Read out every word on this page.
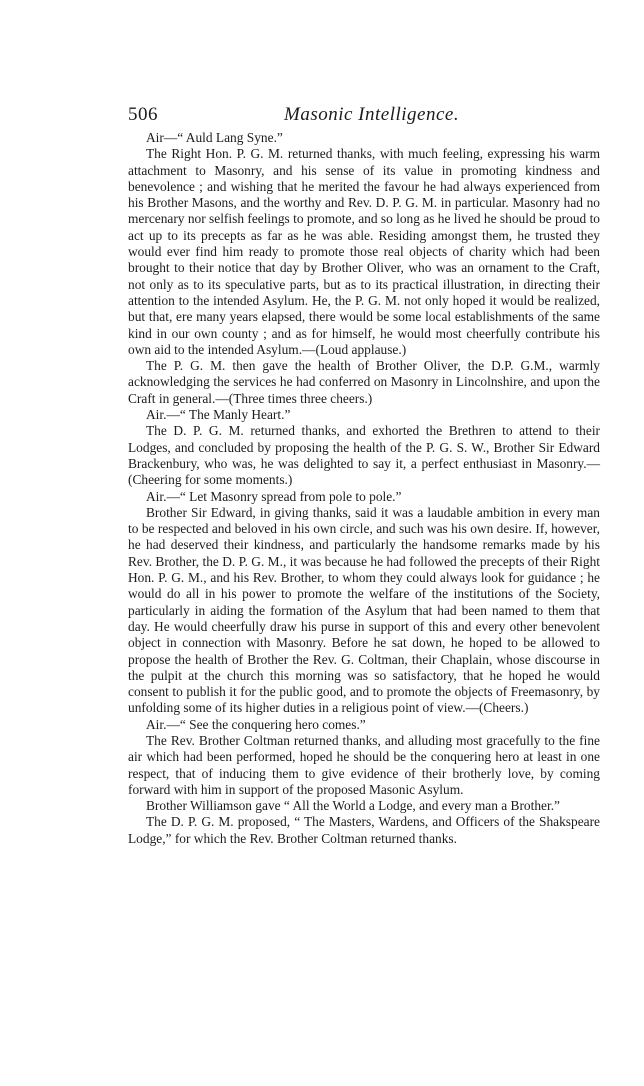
506	Masonic Intelligence.

Air—“ Auld Lang Syne.”

The Right Hon. P. G. M. returned thanks, with much feeling, expressing his warm attachment to Masonry, and his sense of its value in promoting kindness and benevolence ; and wishing that he merited the favour he had always experienced from his Brother Masons, and the worthy and Rev. D. P. G. M. in particular. Masonry had no mercenary nor selfish feelings to promote, and so long as he lived he should be proud to act up to its precepts as far as he was able. Residing amongst them, he trusted they would ever find him ready to promote those real objects of charity which had been brought to their notice that day by Brother Oliver, who was an ornament to the Craft, not only as to its speculative parts, but as to its practical illustration, in directing their attention to the intended Asylum. He, the P. G. M. not only hoped it would be realized, but that, ere many years elapsed, there would be some local establishments of the same kind in our own county ; and as for himself, he would most cheerfully contribute his own aid to the intended Asylum.—(Loud applause.)

The P. G. M. then gave the health of Brother Oliver, the D.P. G.M., warmly acknowledging the services he had conferred on Masonry in Lincolnshire, and upon the Craft in general.—(Three times three cheers.)

Air.—“ The Manly Heart.”

The D. P. G. M. returned thanks, and exhorted the Brethren to attend to their Lodges, and concluded by proposing the health of the P. G. S. W., Brother Sir Edward Brackenbury, who was, he was delighted to say it, a perfect enthusiast in Masonry.—(Cheering for some moments.)

Air.—“ Let Masonry spread from pole to pole.”

Brother Sir Edward, in giving thanks, said it was a laudable ambition in every man to be respected and beloved in his own circle, and such was his own desire. If, however, he had deserved their kindness, and particularly the handsome remarks made by his Rev. Brother, the D. P. G. M., it was because he had followed the precepts of their Right Hon. P. G. M., and his Rev. Brother, to whom they could always look for guidance ; he would do all in his power to promote the welfare of the institutions of the Society, particularly in aiding the formation of the Asylum that had been named to them that day. He would cheerfully draw his purse in support of this and every other benevolent object in connection with Masonry. Before he sat down, he hoped to be allowed to propose the health of Brother the Rev. G. Coltman, their Chaplain, whose discourse in the pulpit at the church this morning was so satisfactory, that he hoped he would consent to publish it for the public good, and to promote the objects of Freemasonry, by unfolding some of its higher duties in a religious point of view.—(Cheers.)

Air.—“ See the conquering hero comes.”

The Rev. Brother Coltman returned thanks, and alluding most gracefully to the fine air which had been performed, hoped he should be the conquering hero at least in one respect, that of inducing them to give evidence of their brotherly love, by coming forward with him in support of the proposed Masonic Asylum.

Brother Williamson gave “ All the World a Lodge, and every man a Brother.”

The D. P. G. M. proposed, “ The Masters, Wardens, and Officers of the Shakspeare Lodge,” for which the Rev. Brother Coltman returned thanks.
